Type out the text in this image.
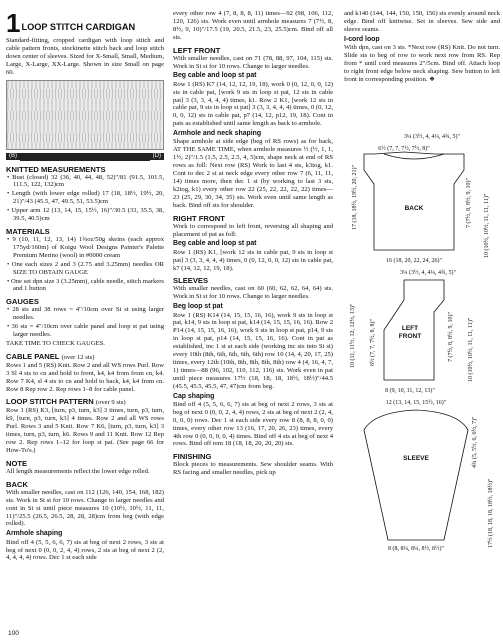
1 LOOP STITCH CARDIGAN
Standard-fitting, cropped cardigan with loop stitch and cable pattern fronts, stockinette stitch back and loop stitch down center of sleeves. Sized for X-Small, Small, Medium, Large, X-Large, XX-Large. Shown in size Small on page 60.
(B)	(D)
KNITTED MEASUREMENTS
• Bust (closed) 32 (36, 40, 44, 48, 52)"/81 (91.5, 101.5, 111.5, 122, 132)cm
• Length (with lower edge rolled) 17 (18, 18½, 19½, 20, 21)"/43 (45.5, 47, 49.5, 51, 53.5)cm
• Upper arm 12 (13, 14, 15, 15½, 16)"/30.5 (33, 35.5, 38, 39.5, 40.5)cm
MATERIALS
• 9 (10, 11, 12, 13, 14) 1¾oz/50g skeins (each approx 175yd/160m) of Koigu Wool Designs Painter's Palette Premium Merino (wool) in #0000 cream
• One each sizes 2 and 3 (2.75 and 3.25mm) needles OR SIZE TO OBTAIN GAUGE
• One set dpn size 3 (3.25mm), cable needle, stitch markers and 1 button
GAUGES
• 28 sts and 38 rows = 4"/10cm over St st using larger needles.
• 36 sts = 4"/10cm over cable panel and loop st pat using larger needles.
TAKE TIME TO CHECK GAUGES.
CABLE PANEL (over 12 sts)
Rows 1 and 5 (RS) Knit. Row 2 and all WS rows Purl. Row 3 Sl 4 sts to cn and hold to front, k4, k4 from from cn, k4. Row 7 K4, sl 4 sts to cn and hold to back, k4, k4 from cn. Row 8 Rep row 2. Rep rows 1–8 for cable panel.
LOOP STITCH PATTERN (over 9 sts)
Row 1 (RS) K3, [turn, p3, turn, k3] 3 times, turn, p3, turn, k9, [turn, p3, turn, k3] 4 times. Row 2 and all WS rows Purl. Rows 3 and 5 Knit. Row 7 K6, [turn, p3, turn, k3] 3 times, turn, p3, turn, k6. Rows 9 and 11 Knit. Row 12 Rep row 2. Rep rows 1–12 for loop st pat. (See page 66 for How-To's.)
NOTE
All length measurements reflect the lower edge rolled.
BACK
With smaller needles, cast on 112 (126, 140, 154, 168, 182) sts. Work in St st for 10 rows. Change to larger needles and cont in St st until piece measures 10 (10½, 10½, 11, 11, 11)"/25.5 (26.5, 26.5, 28, 28, 28)cm from beg (with edge rolled).
Armhole shaping
Bind off 4 (5, 5, 6, 6, 7) sts at beg of next 2 rows, 3 sts at beg of next 0 (0, 0, 2, 4, 4) rows, 2 sts at beg of next 2 (2, 4, 4, 4, 4) rows. Dec 1 st each side
every other row 4 (7, 8, 8, 8, 11) times—92 (98, 106, 112, 120, 126) sts. Work even until armhole measures 7 (7½, 8, 8½, 9, 10)"/17.5 (19, 20.5, 21.5, 23, 25.5)cm. Bind off all sts.
LEFT FRONT
With smaller needles, cast on 71 (78, 88, 97, 104, 115) sts. Work in St st for 10 rows. Change to larger needles.
Beg cable and loop st pat
Row 1 (RS) K7 (14, 12, 12, 19, 18), work 0 (0, 12, 0, 0, 12) sts in cable pat, [work 9 sts in loop st pat, 12 sts in cable pat] 3 (3, 3, 4, 4, 4) times, k1. Row 2 K1, [work 12 sts in cable pat, 9 sts in loop st pat] 3 (3, 3, 4, 4, 4) times, 0 (0, 12, 0, 0, 12) sts in cable pat, p7 (14, 12, p12, 19, 18). Cont in pats as established until same length as back to armhole.
Armhole and neck shaping
Shape armhole at side edge (beg of RS rows) as for back, AT THE SAME TIME, when armhole measures ½ (½, 1, 1, 1½, 2)"/1.5 (1.5, 2.5, 2.5, 4, 5)cm, shape neck at end of RS rows as foll: Next row (RS) Work to last 4 sts, k3tog, k1. Cont to dec 2 st at neck edge every other row 7 (6, 11, 11, 14) times more, then dec 1 st (by working to last 3 sts, k2tog, k1) every other row 22 (25, 22, 22, 22, 22) times—23 (25, 29, 30, 34, 35) sts. Work even until same length as back. Bind off sts for shoulder.
RIGHT FRONT
Work to correspond to left front, reversing all shaping and placement of pat as foll:
Beg cable and loop st pat
Row 1 (RS) K1, [work 12 sts in cable pat, 9 sts in loop st pat] 3 (3, 3, 4, 4, 4) times, 0 (0, 12, 0, 0, 12) sts in cable pat, k7 (14, 12, 12, 19, 18).
SLEEVES
With smaller needles, cast on 60 (60, 62, 62, 64, 64) sts. Work in St st for 10 rows. Change to larger needles.
Beg loop st pat
Row 1 (RS) K14 (14, 15, 15, 16, 16), work 9 sts in loop st pat, k14, 9 sts in loop st pat, k14 (14, 15, 15, 16, 16). Row 2 P14 (14, 15, 15, 16, 16), work 9 sts in loop st pat, p14, 9 sts in loop st pat, p14 (14, 15, 15, 16, 16). Cont in pat as established, inc 1 st at each side (working inc sts into St st) every 10th (8th, 6th, 6th, 6th, 6th) row 10 (14, 4, 20, 17, 25) times, every 12th (10th, 8th, 8th, 8th, 8th) row 4 (4, 16, 4, 7, 1) times—88 (96, 102, 110, 112, 116) sts. Work even in pat until piece measures 17½ (18, 18, 18, 18½, 18½)"/44.5 (45.5, 45.5, 45.5, 47, 47)cm from beg.
Cap shaping
Bind off 4 (5, 5, 6, 6, 7) sts at beg of next 2 rows, 3 sts at beg of next 0 (0, 0, 2, 4, 4) rows, 2 sts at beg of next 2 (2, 4, 0, 0, 0) rows. Dec 1 st each side every row 8 (8, 8, 8, 0, 0) times, every other row 13 (16, 17, 20, 26, 23) times, every 4th row 0 (0, 0, 0, 0, 4) times. Bind off 4 sts at beg of next 4 rows. Bind off rem 18 (18, 18, 20, 20, 20) sts.
FINISHING
Block pieces to measurements. Sew shoulder seams. With RS facing and smaller needles, pick up
and k140 (144, 144, 150, 150, 156) sts evenly around neck edge. Bind off knitwise. Set in sleeves. Sew side and sleeve seams.
I-cord loop
With dpn, cast on 3 sts. *Next row (RS) Knit. Do not turn. Slide sts to beg of row to work next row from RS. Rep from * until cord measures 2"/5cm. Bind off. Attach loop to right front edge below neck shaping. Sew button to left front in corresponding position. ❖
3¼ (3½, 4, 4¼, 4¾, 5)"
6½ (7, 7, 7½, 7½, 8)"
BACK
16 (18, 20, 22, 24, 26)"
17 (18, 18½, 19½, 20, 21)"	7 (7½, 8, 8½, 9, 10)" 10 (10½, 10½, 11, 11, 11)"
3¼ (3½, 4, 4¼, 4¾, 5)"
LEFT
FRONT
8 (9, 10, 11, 12, 13)"
10 (11, 11½, 12, 12½, 13)" 6½ (7, 7, 7½, 8, 8)"	7 (7½, 8, 8½, 9, 10)" 10 (10½, 10½, 11, 11, 11)"
12 (13, 14, 15, 15½, 16)"
SLEEVE
8 (8, 8¼, 8¼, 8½, 8½)"
4¾ (5, 5½, 6, 6½, 7)"
17½ (18, 18, 18, 18½, 18½)"
100
